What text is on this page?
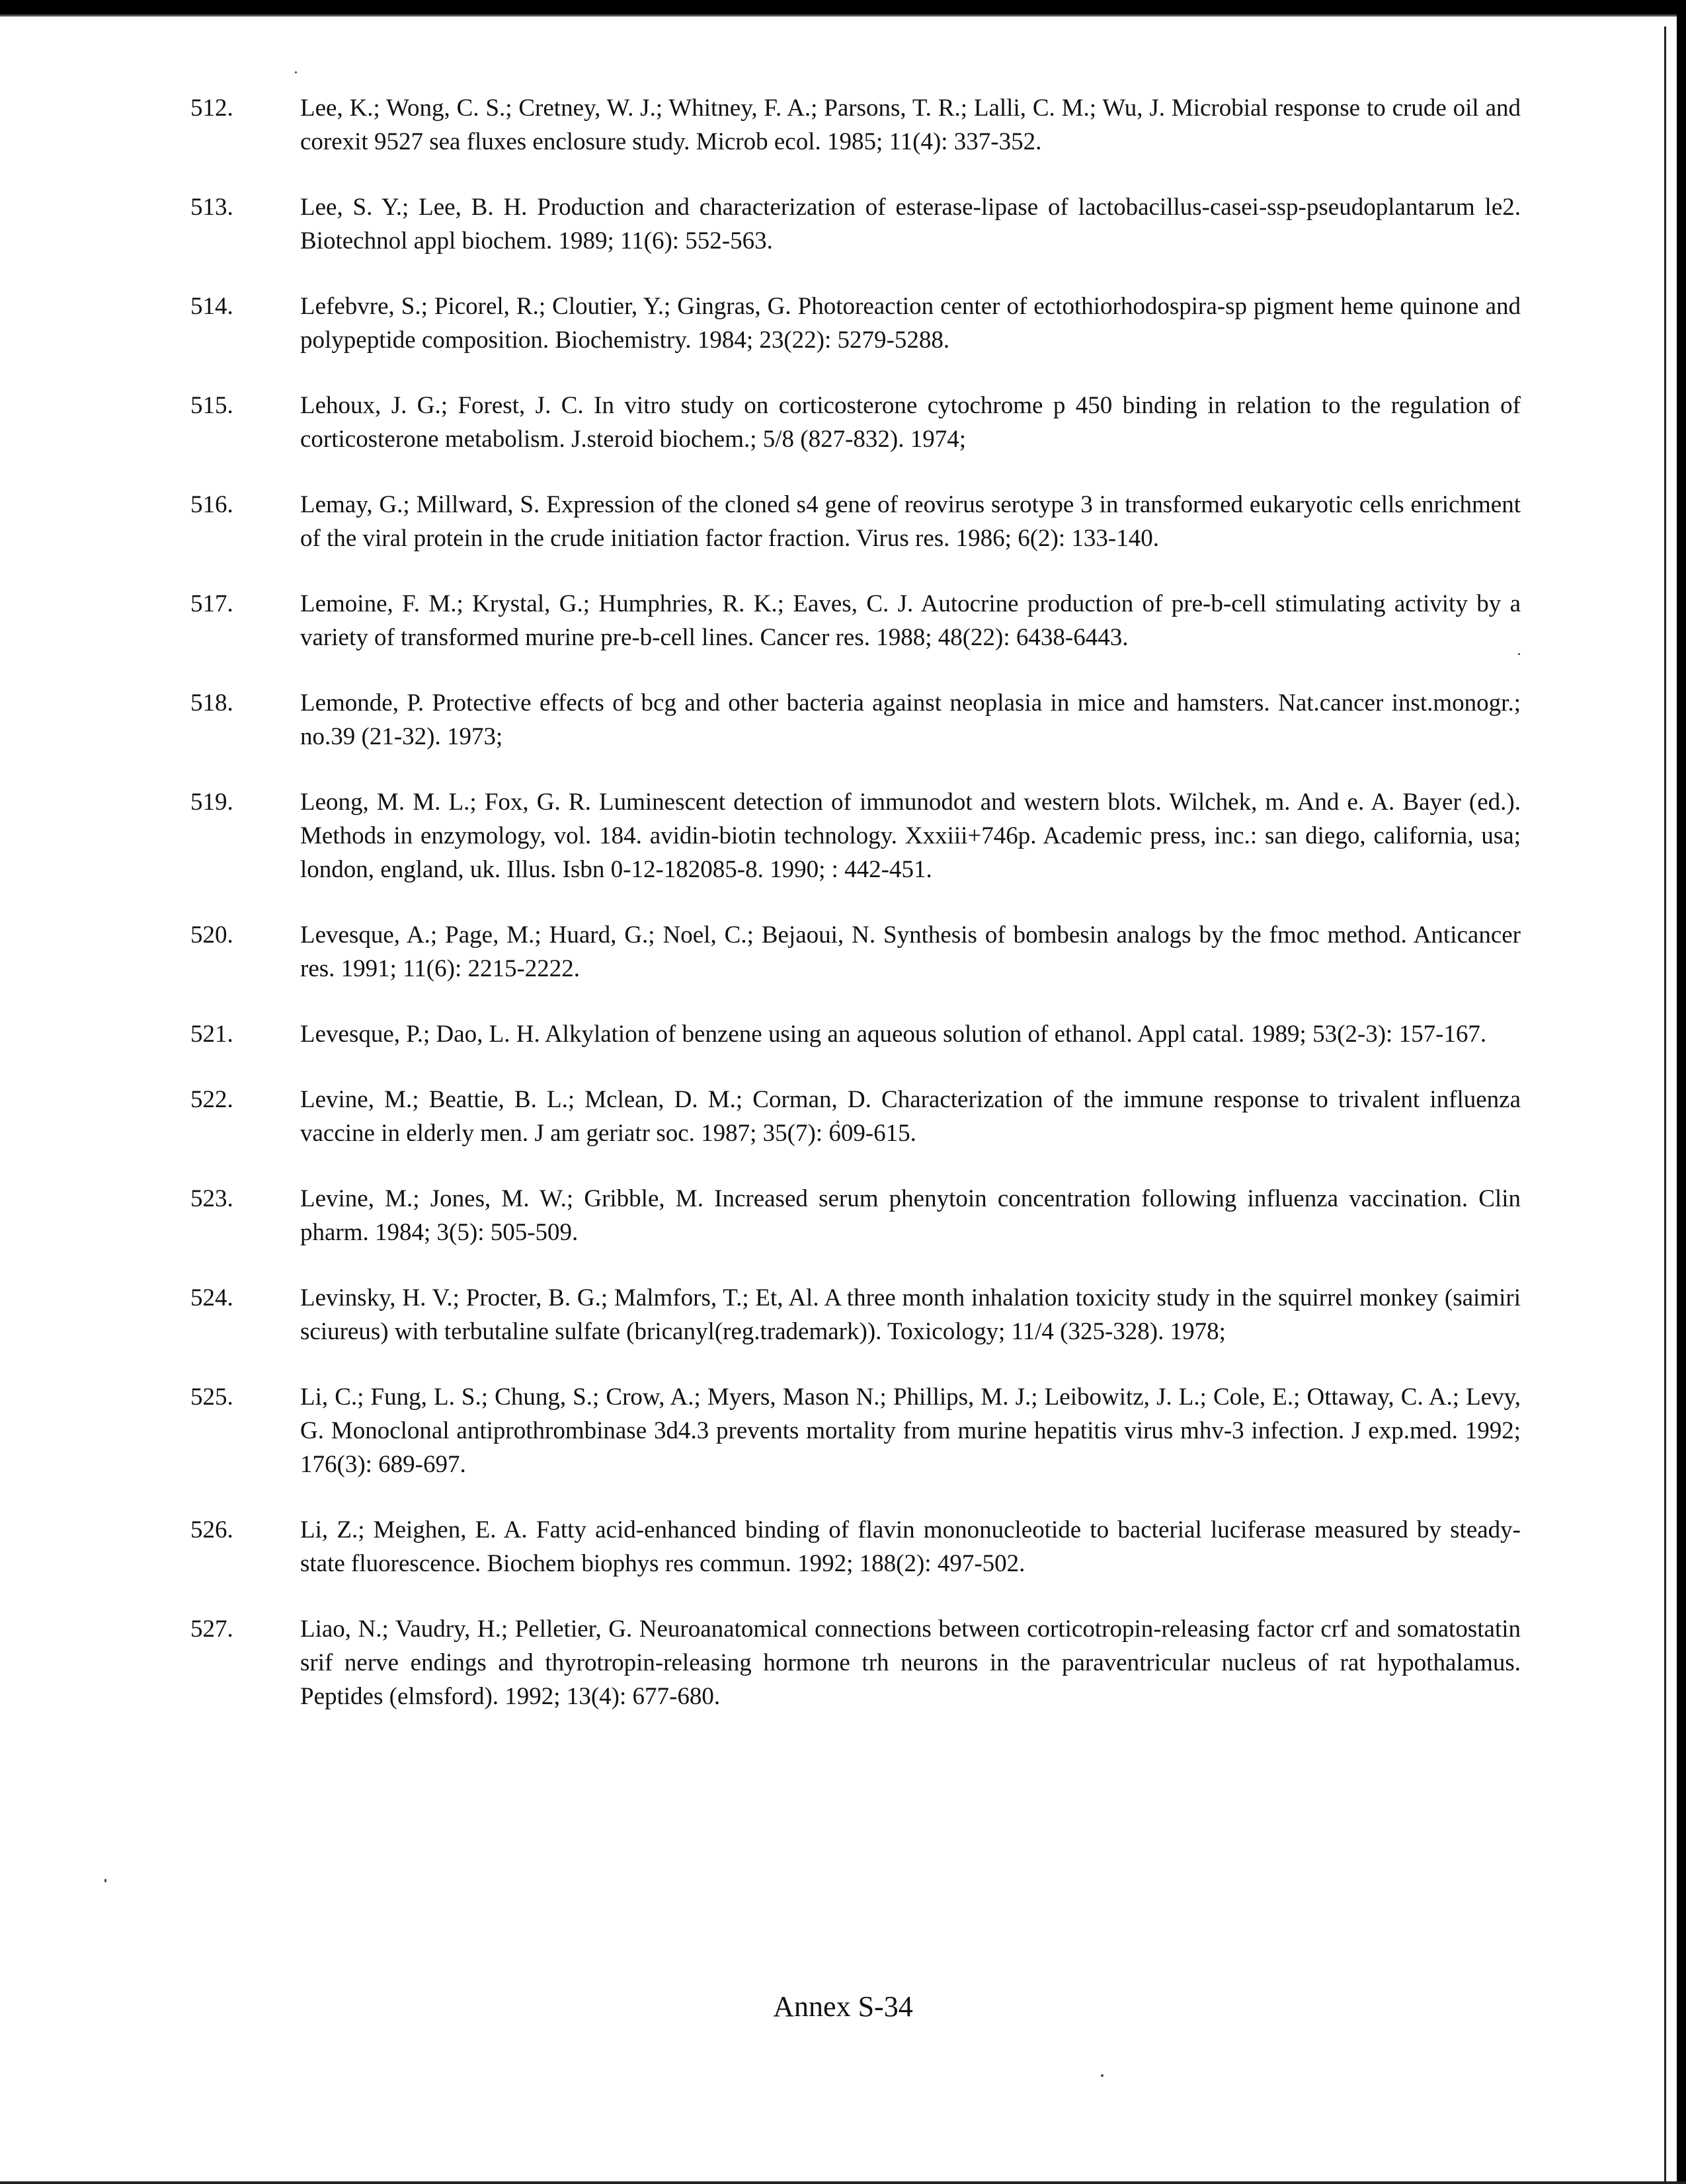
512.	Lee, K.; Wong, C. S.; Cretney, W. J.; Whitney, F. A.; Parsons, T. R.; Lalli, C. M.; Wu, J. Microbial response to crude oil and corexit 9527 sea fluxes enclosure study. Microb ecol. 1985; 11(4): 337-352.
513.	Lee, S. Y.; Lee, B. H. Production and characterization of esterase-lipase of lactobacillus-casei-ssp-pseudoplantarum le2. Biotechnol appl biochem. 1989; 11(6): 552-563.
514.	Lefebvre, S.; Picorel, R.; Cloutier, Y.; Gingras, G. Photoreaction center of ectothiorhodospira-sp pigment heme quinone and polypeptide composition. Biochemistry. 1984; 23(22): 5279-5288.
515.	Lehoux, J. G.; Forest, J. C. In vitro study on corticosterone cytochrome p 450 binding in relation to the regulation of corticosterone metabolism. J.steroid biochem.; 5/8 (827-832). 1974;
516.	Lemay, G.; Millward, S. Expression of the cloned s4 gene of reovirus serotype 3 in transformed eukaryotic cells enrichment of the viral protein in the crude initiation factor fraction. Virus res. 1986; 6(2): 133-140.
517.	Lemoine, F. M.; Krystal, G.; Humphries, R. K.; Eaves, C. J. Autocrine production of pre-b-cell stimulating activity by a variety of transformed murine pre-b-cell lines. Cancer res. 1988; 48(22): 6438-6443.
518.	Lemonde, P. Protective effects of bcg and other bacteria against neoplasia in mice and hamsters. Nat.cancer inst.monogr.; no.39 (21-32). 1973;
519.	Leong, M. M. L.; Fox, G. R. Luminescent detection of immunodot and western blots. Wilchek, m. And e. A. Bayer (ed.). Methods in enzymology, vol. 184. avidin-biotin technology. Xxxiii+746p. Academic press, inc.: san diego, california, usa; london, england, uk. Illus. Isbn 0-12-182085-8. 1990; : 442-451.
520.	Levesque, A.; Page, M.; Huard, G.; Noel, C.; Bejaoui, N. Synthesis of bombesin analogs by the fmoc method. Anticancer res. 1991; 11(6): 2215-2222.
521.	Levesque, P.; Dao, L. H. Alkylation of benzene using an aqueous solution of ethanol. Appl catal. 1989; 53(2-3): 157-167.
522.	Levine, M.; Beattie, B. L.; Mclean, D. M.; Corman, D. Characterization of the immune response to trivalent influenza vaccine in elderly men. J am geriatr soc. 1987; 35(7): 609-615.
523.	Levine, M.; Jones, M. W.; Gribble, M. Increased serum phenytoin concentration following influenza vaccination. Clin pharm. 1984; 3(5): 505-509.
524.	Levinsky, H. V.; Procter, B. G.; Malmfors, T.; Et, Al. A three month inhalation toxicity study in the squirrel monkey (saimiri sciureus) with terbutaline sulfate (bricanyl(reg.trademark)). Toxicology; 11/4 (325-328). 1978;
525.	Li, C.; Fung, L. S.; Chung, S.; Crow, A.; Myers, Mason N.; Phillips, M. J.; Leibowitz, J. L.; Cole, E.; Ottaway, C. A.; Levy, G. Monoclonal antiprothrombinase 3d4.3 prevents mortality from murine hepatitis virus mhv-3 infection. J exp.med. 1992; 176(3): 689-697.
526.	Li, Z.; Meighen, E. A. Fatty acid-enhanced binding of flavin mononucleotide to bacterial luciferase measured by steady-state fluorescence. Biochem biophys res commun. 1992; 188(2): 497-502.
527.	Liao, N.; Vaudry, H.; Pelletier, G. Neuroanatomical connections between corticotropin-releasing factor crf and somatostatin srif nerve endings and thyrotropin-releasing hormone trh neurons in the paraventricular nucleus of rat hypothalamus. Peptides (elmsford). 1992; 13(4): 677-680.
Annex S-34
